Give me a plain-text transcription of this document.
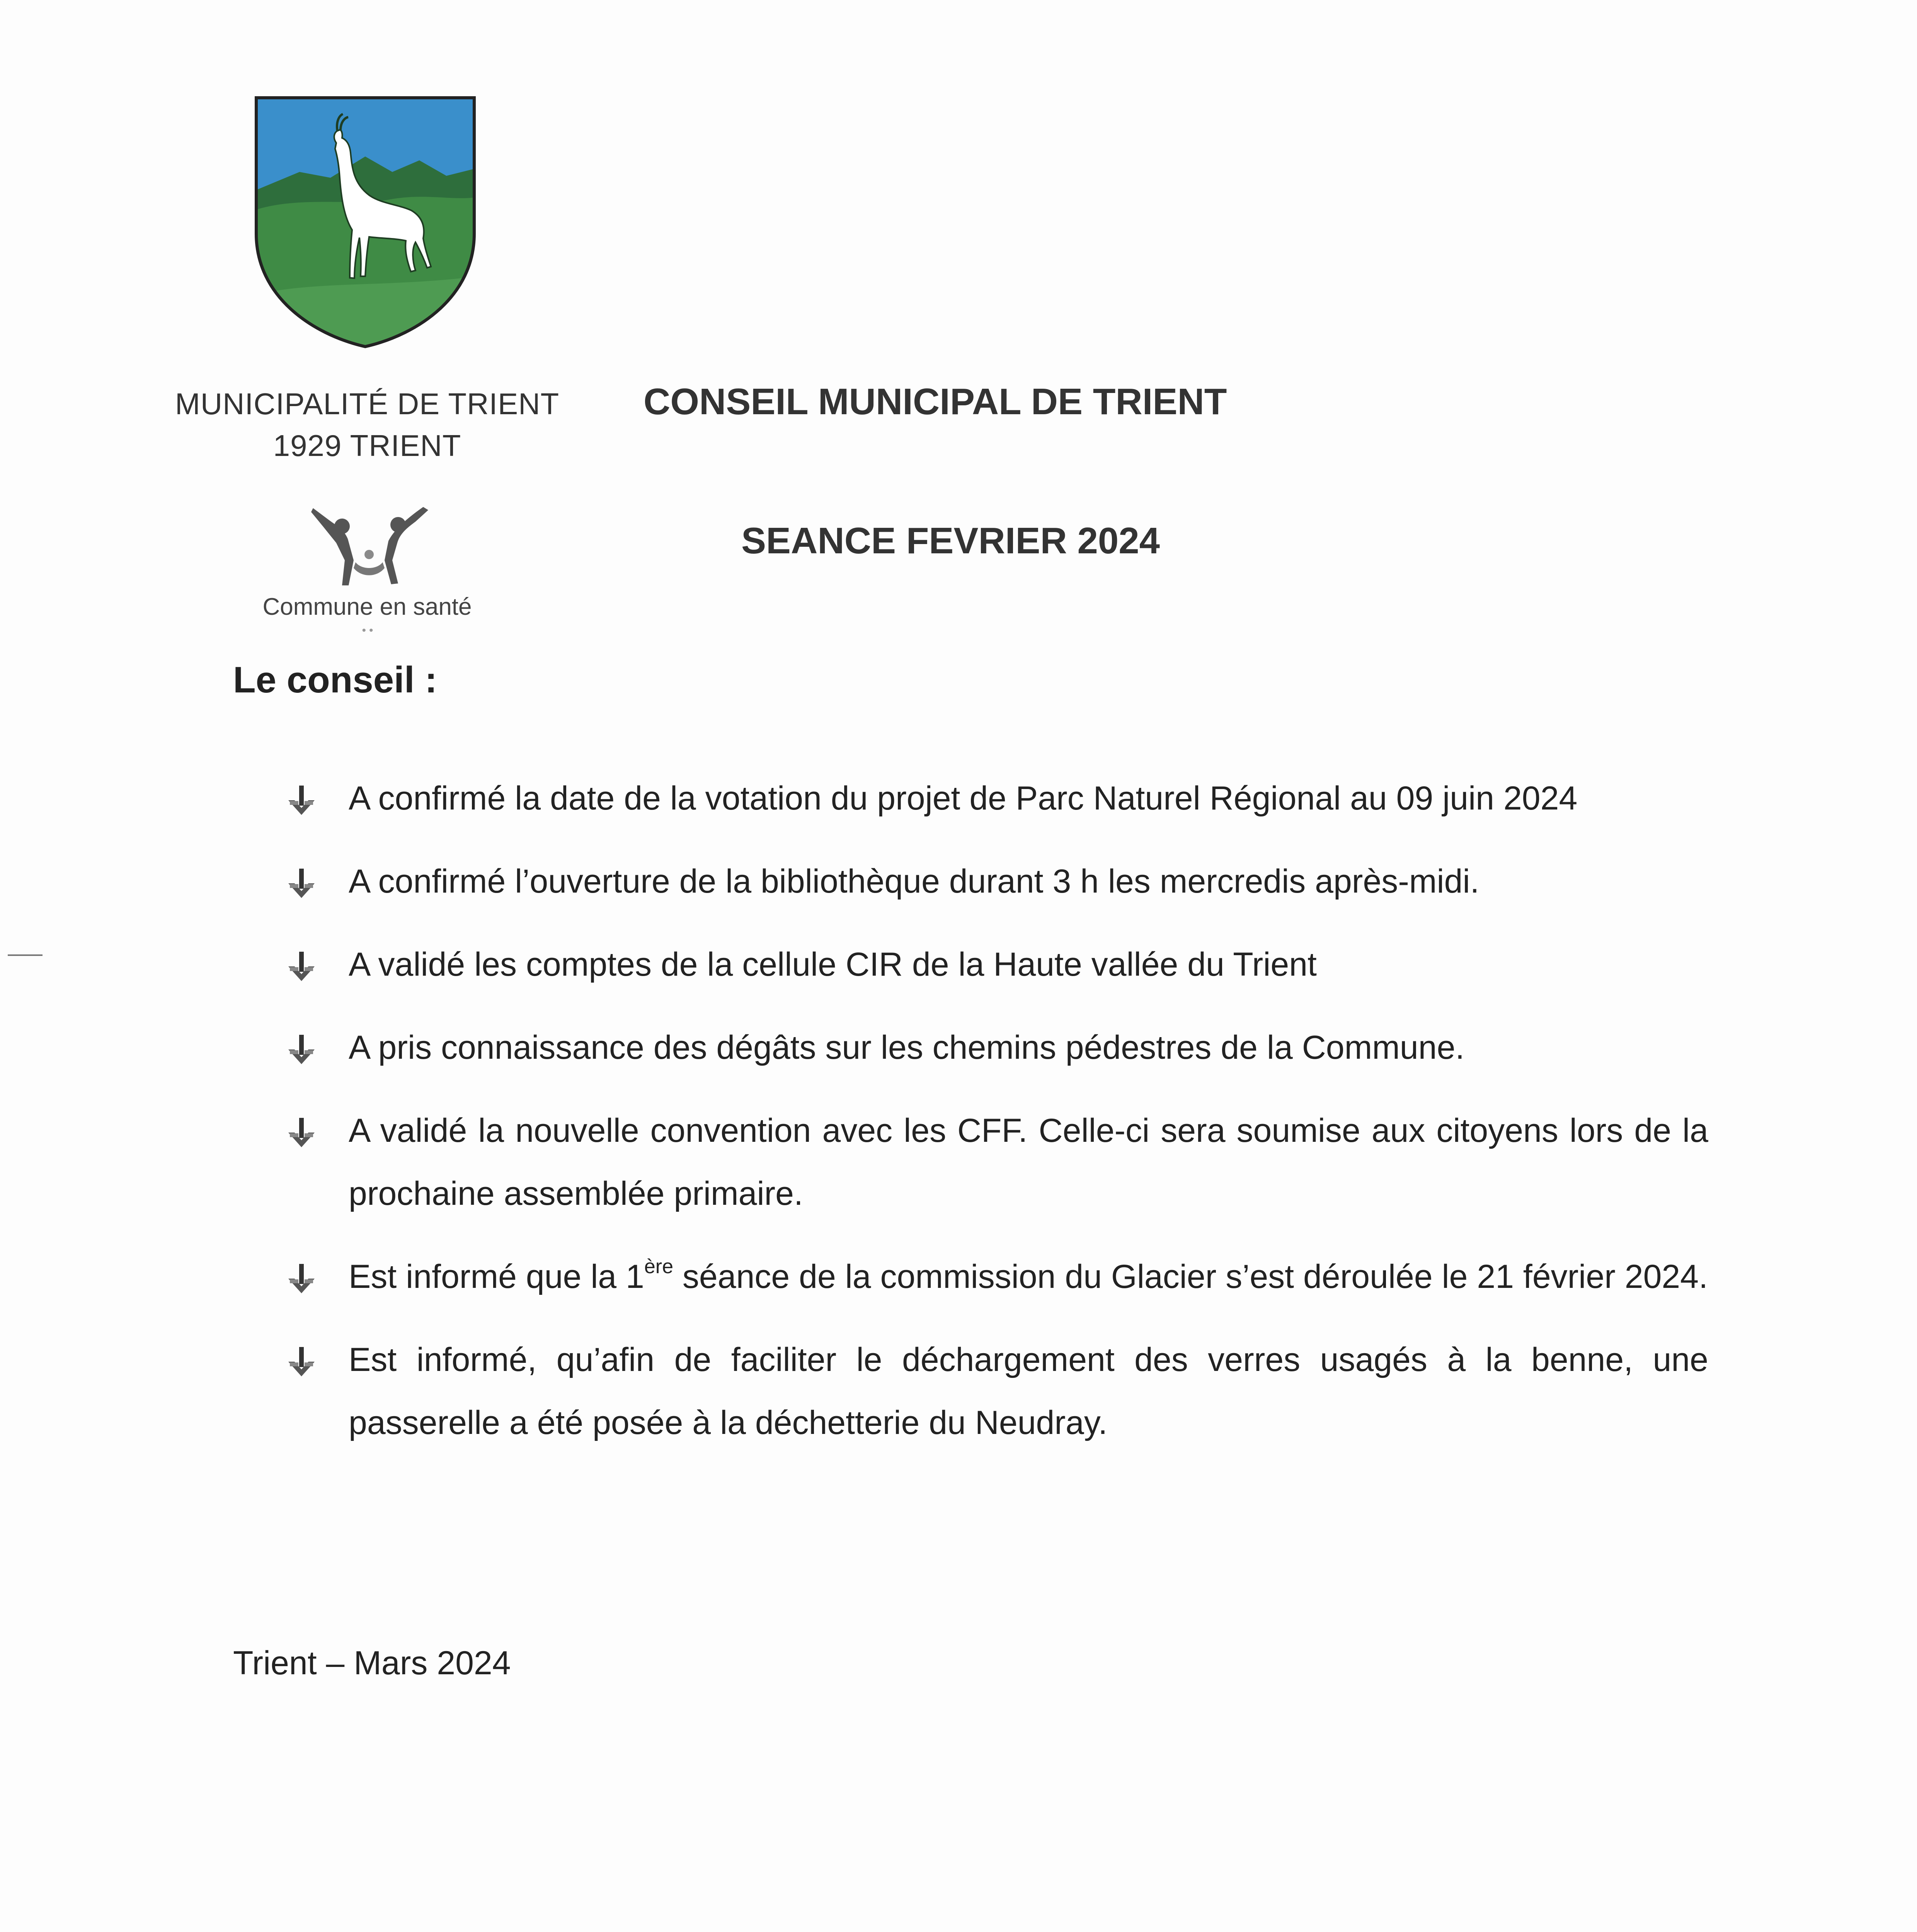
MUNICIPALITÉ DE TRIENT
1929 TRIENT
Commune en santé
••
CONSEIL MUNICIPAL DE TRIENT
SEANCE FEVRIER 2024
Le conseil :
A confirmé la date de la votation du projet de Parc Naturel Régional au 09 juin 2024
A confirmé l’ouverture de la bibliothèque durant 3 h les mercredis après-midi.
A validé les comptes de la cellule CIR de la Haute vallée du Trient
A pris connaissance des dégâts sur les chemins pédestres de la Commune.
A validé la nouvelle convention avec les CFF. Celle-ci sera soumise aux citoyens lors de la prochaine assemblée primaire.
Est informé que la 1ère séance de la commission du Glacier s’est déroulée le 21 février 2024.
Est informé, qu’afin de faciliter le déchargement des verres usagés à la benne, une passerelle a été posée à la déchetterie du Neudray.
Trient – Mars 2024
